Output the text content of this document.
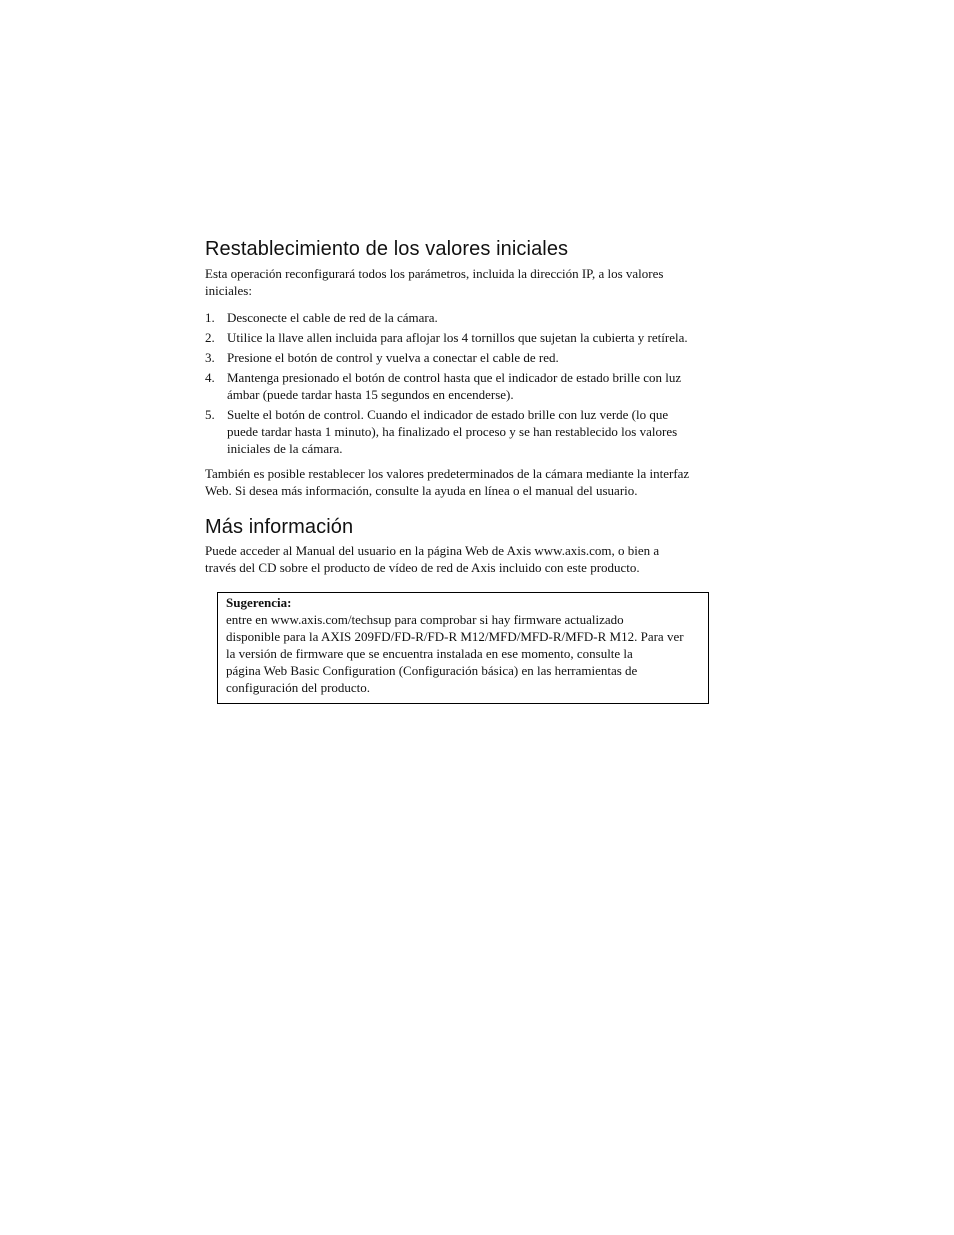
Restablecimiento de los valores iniciales

Esta operación reconfigurará todos los parámetros, incluida la dirección IP, a los valores
iniciales:

1. Desconecte el cable de red de la cámara.
2. Utilice la llave allen incluida para aflojar los 4 tornillos que sujetan la cubierta y retírela.
3. Presione el botón de control y vuelva a conectar el cable de red.
4. Mantenga presionado el botón de control hasta que el indicador de estado brille con luz
ámbar (puede tardar hasta 15 segundos en encenderse).
5. Suelte el botón de control. Cuando el indicador de estado brille con luz verde (lo que
puede tardar hasta 1 minuto), ha finalizado el proceso y se han restablecido los valores
iniciales de la cámara.

También es posible restablecer los valores predeterminados de la cámara mediante la interfaz
Web. Si desea más información, consulte la ayuda en línea o el manual del usuario.

Más información

Puede acceder al Manual del usuario en la página Web de Axis www.axis.com, o bien a
través del CD sobre el producto de vídeo de red de Axis incluido con este producto.

Sugerencia:

entre en www.axis.com/techsup para comprobar si hay firmware actualizado
disponible para la AXIS 209FD/FD-R/FD-R M12/MFD/MFD-R/MFD-R M12. Para ver
la versión de firmware que se encuentra instalada en ese momento, consulte la
página Web Basic Configuration (Configuración básica) en las herramientas de
configuración del producto.
